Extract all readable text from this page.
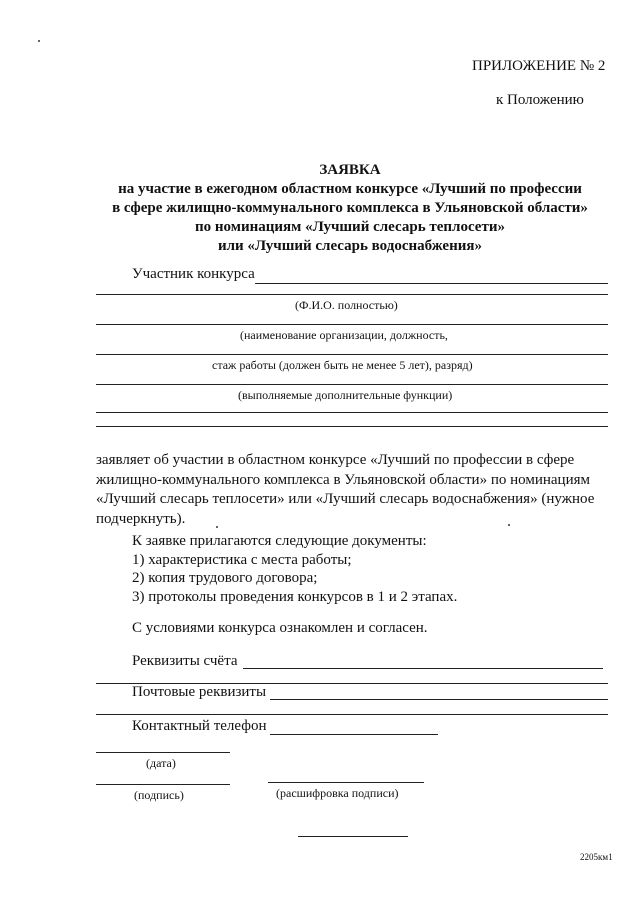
ПРИЛОЖЕНИЕ № 2
к Положению
ЗАЯВКА
на участие в ежегодном областном конкурсе «Лучший по профессии
в сфере жилищно-коммунального комплекса в Ульяновской области»
по номинациям «Лучший слесарь теплосети»
или «Лучший слесарь водоснабжения»
Участник конкурса
(Ф.И.О. полностью)
(наименование организации, должность,
стаж работы (должен быть не менее 5 лет), разряд)
(выполняемые дополнительные функции)
заявляет об участии в областном конкурсе «Лучший по профессии в сфере
жилищно-коммунального комплекса в Ульяновской области» по номинациям
«Лучший слесарь теплосети» или «Лучший слесарь водоснабжения» (нужное
подчеркнуть).
К заявке прилагаются следующие документы:
1) характеристика с места работы;
2) копия трудового договора;
3) протоколы проведения конкурсов в 1 и 2 этапах.
С условиями конкурса ознакомлен и согласен.
Реквизиты счёта
Почтовые реквизиты
Контактный телефон
(дата)
(подпись)	(расшифровка подписи)
2205км1
